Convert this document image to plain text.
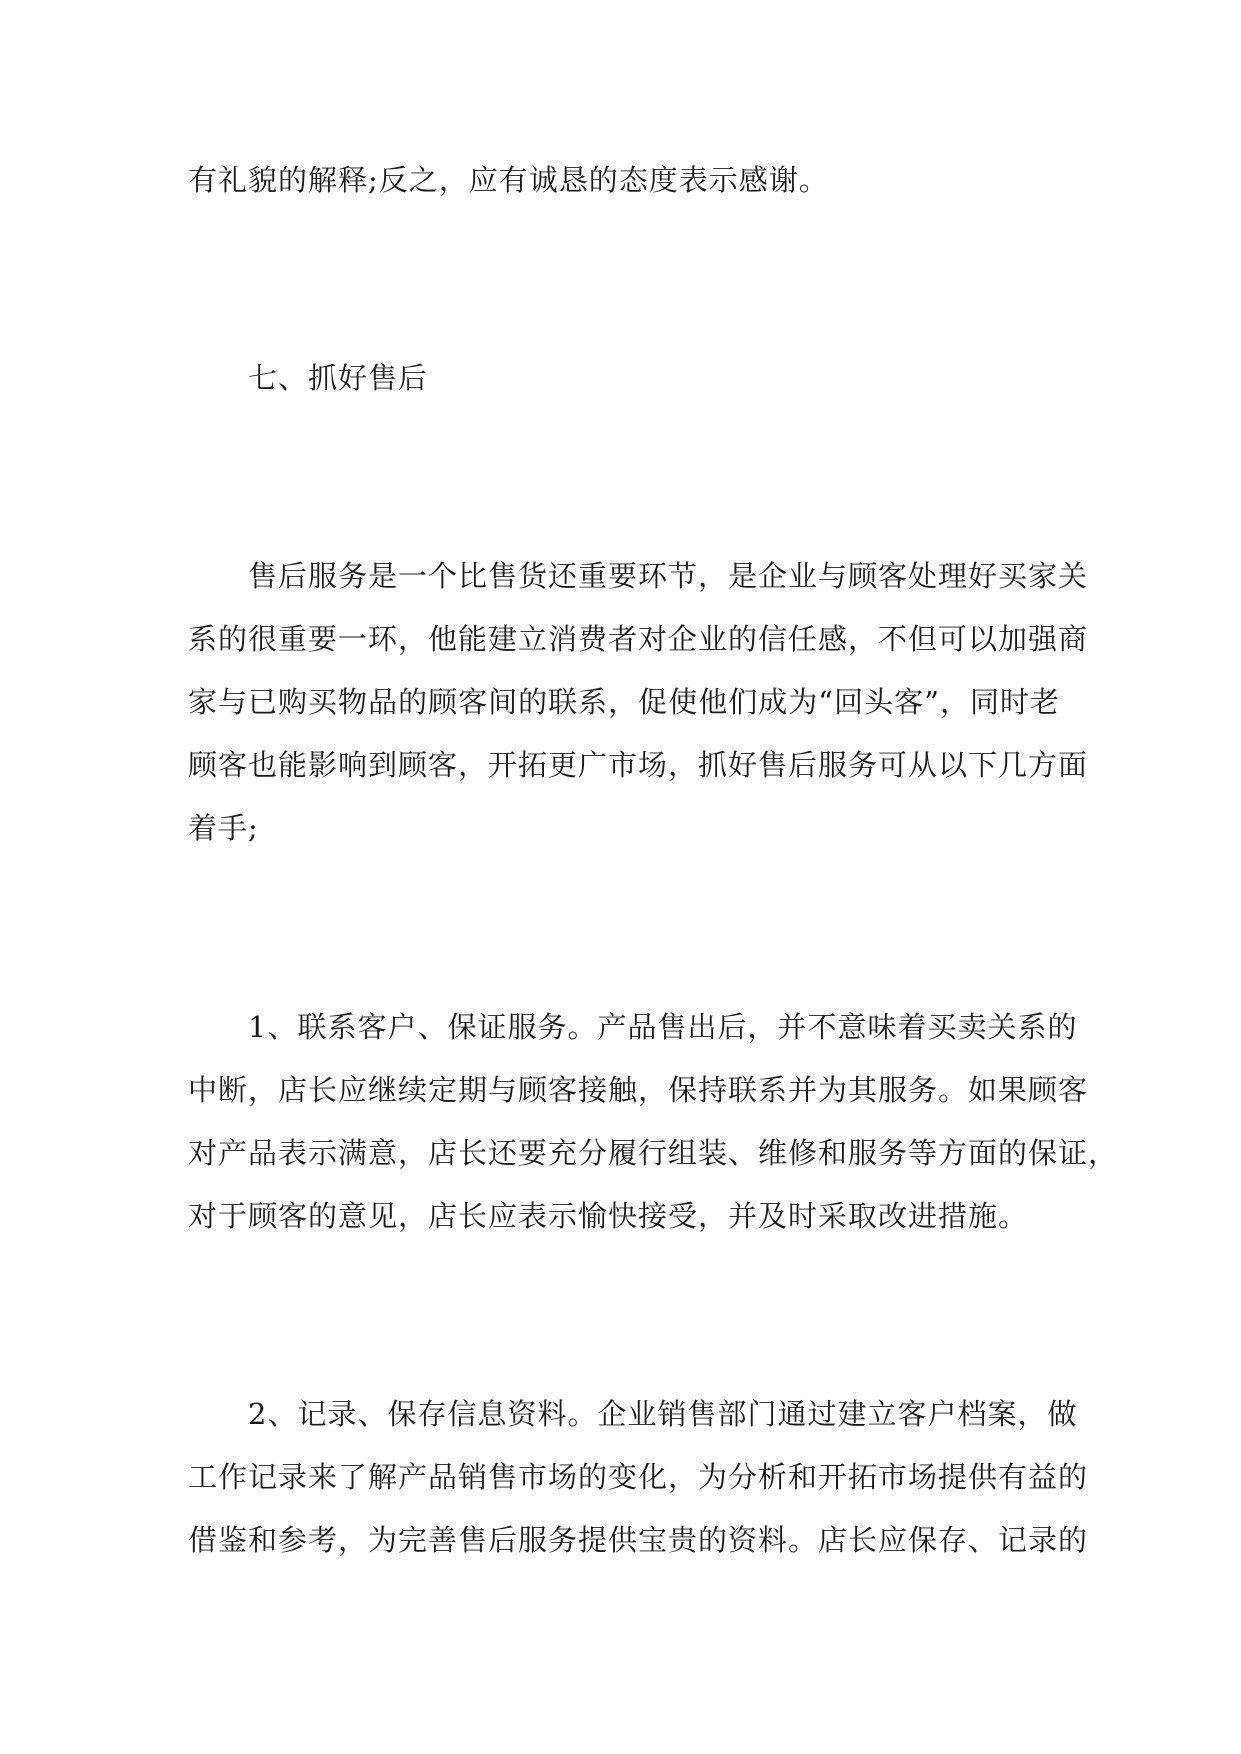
有礼貌的解释;反之，应有诚恳的态度表示感谢。
七、抓好售后
售后服务是一个比售货还重要环节，是企业与顾客处理好买家关
系的很重要一环，他能建立消费者对企业的信任感，不但可以加强商
家与已购买物品的顾客间的联系，促使他们成为“回头客”，同时老
顾客也能影响到顾客，开拓更广市场，抓好售后服务可从以下几方面
着手;
1、联系客户、保证服务。产品售出后，并不意味着买卖关系的
中断，店长应继续定期与顾客接触，保持联系并为其服务。如果顾客
对产品表示满意，店长还要充分履行组装、维修和服务等方面的保证，
对于顾客的意见，店长应表示愉快接受，并及时采取改进措施。
2、记录、保存信息资料。企业销售部门通过建立客户档案，做
工作记录来了解产品销售市场的变化，为分析和开拓市场提供有益的
借鉴和参考，为完善售后服务提供宝贵的资料。店长应保存、记录的
